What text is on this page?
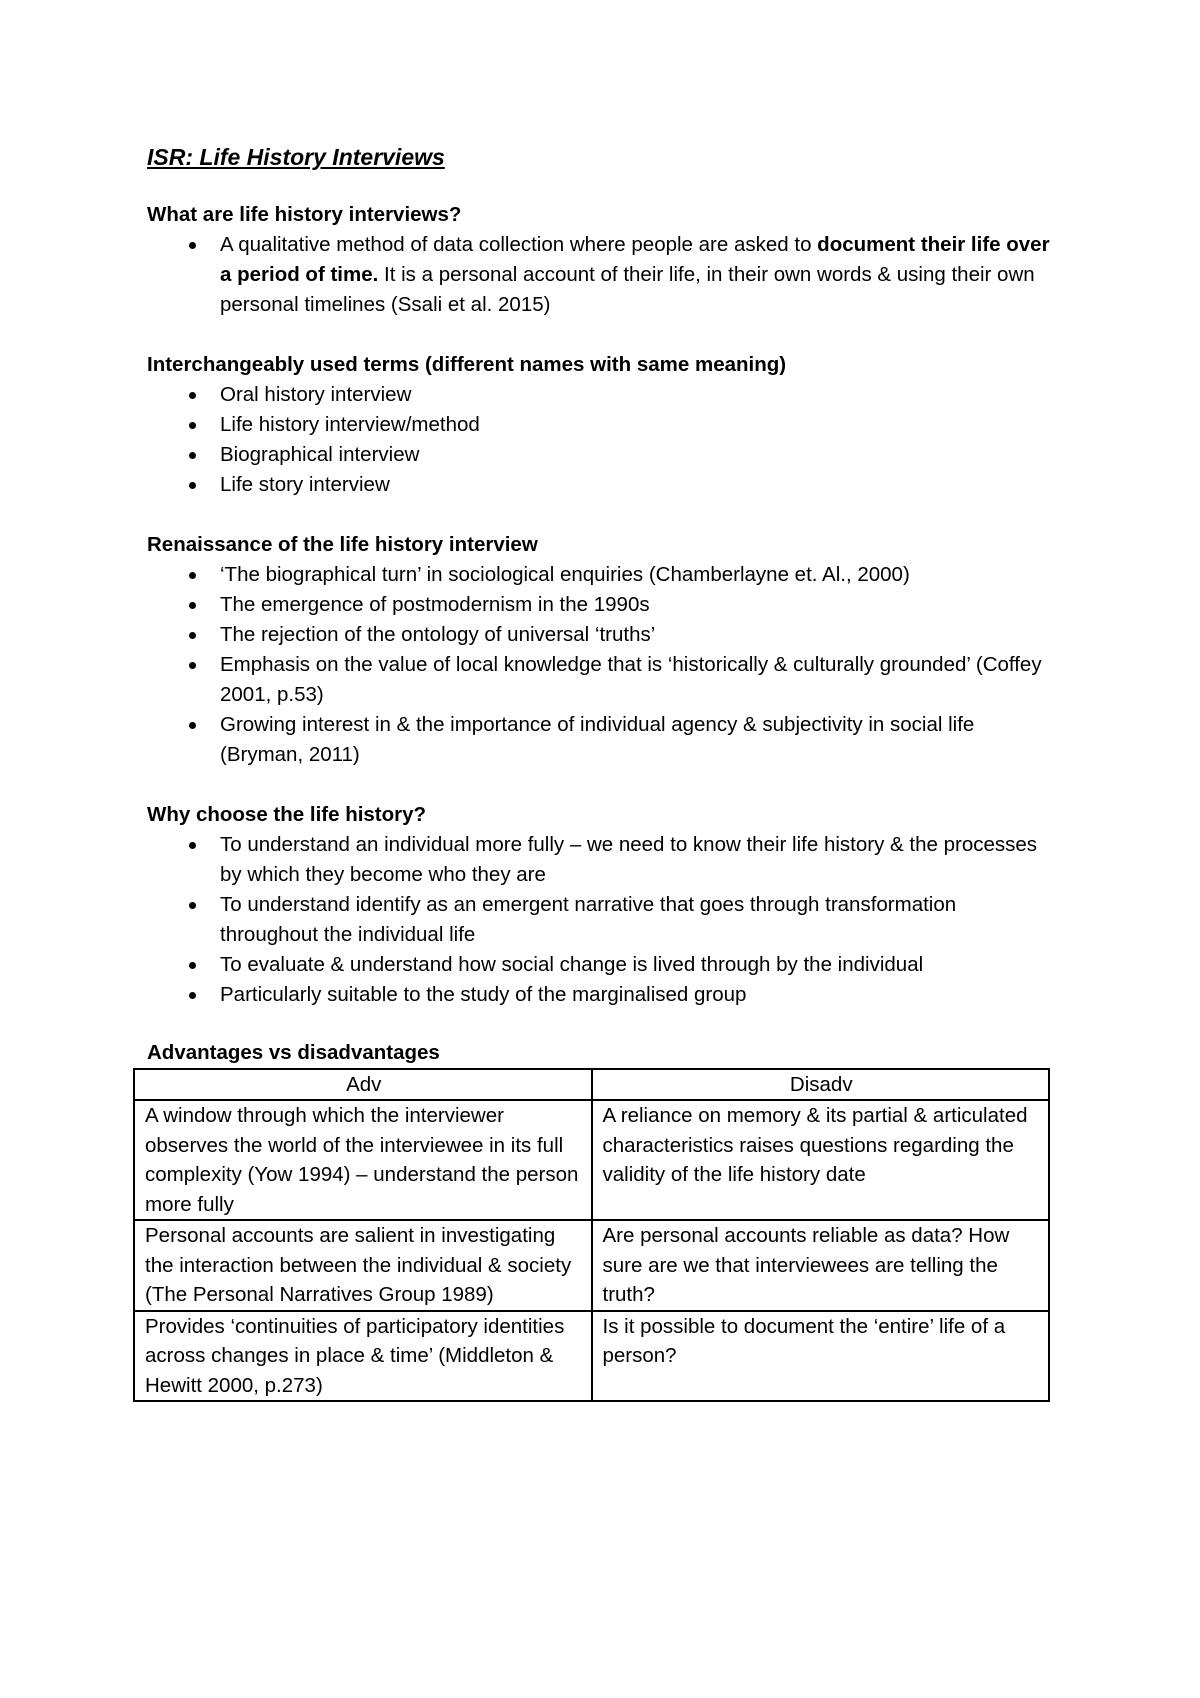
ISR: Life History Interviews
What are life history interviews?
A qualitative method of data collection where people are asked to document their life over a period of time. It is a personal account of their life, in their own words & using their own personal timelines (Ssali et al. 2015)
Interchangeably used terms (different names with same meaning)
Oral history interview
Life history interview/method
Biographical interview
Life story interview
Renaissance of the life history interview
‘The biographical turn’ in sociological enquiries (Chamberlayne et. Al., 2000)
The emergence of postmodernism in the 1990s
The rejection of the ontology of universal ‘truths’
Emphasis on the value of local knowledge that is ‘historically & culturally grounded’ (Coffey 2001, p.53)
Growing interest in & the importance of individual agency & subjectivity in social life (Bryman, 2011)
Why choose the life history?
To understand an individual more fully – we need to know their life history & the processes by which they become who they are
To understand identify as an emergent narrative that goes through transformation throughout the individual life
To evaluate & understand how social change is lived through by the individual
Particularly suitable to the study of the marginalised group
Advantages vs disadvantages
Adv	Disadv
A window through which the interviewer observes the world of the interviewee in its full complexity (Yow 1994) – understand the person more fully	A reliance on memory & its partial & articulated characteristics raises questions regarding the validity of the life history date
Personal accounts are salient in investigating the interaction between the individual & society (The Personal Narratives Group 1989)	Are personal accounts reliable as data? How sure are we that interviewees are telling the truth?
Provides ‘continuities of participatory identities across changes in place & time’ (Middleton & Hewitt 2000, p.273)	Is it possible to document the ‘entire’ life of a person?
